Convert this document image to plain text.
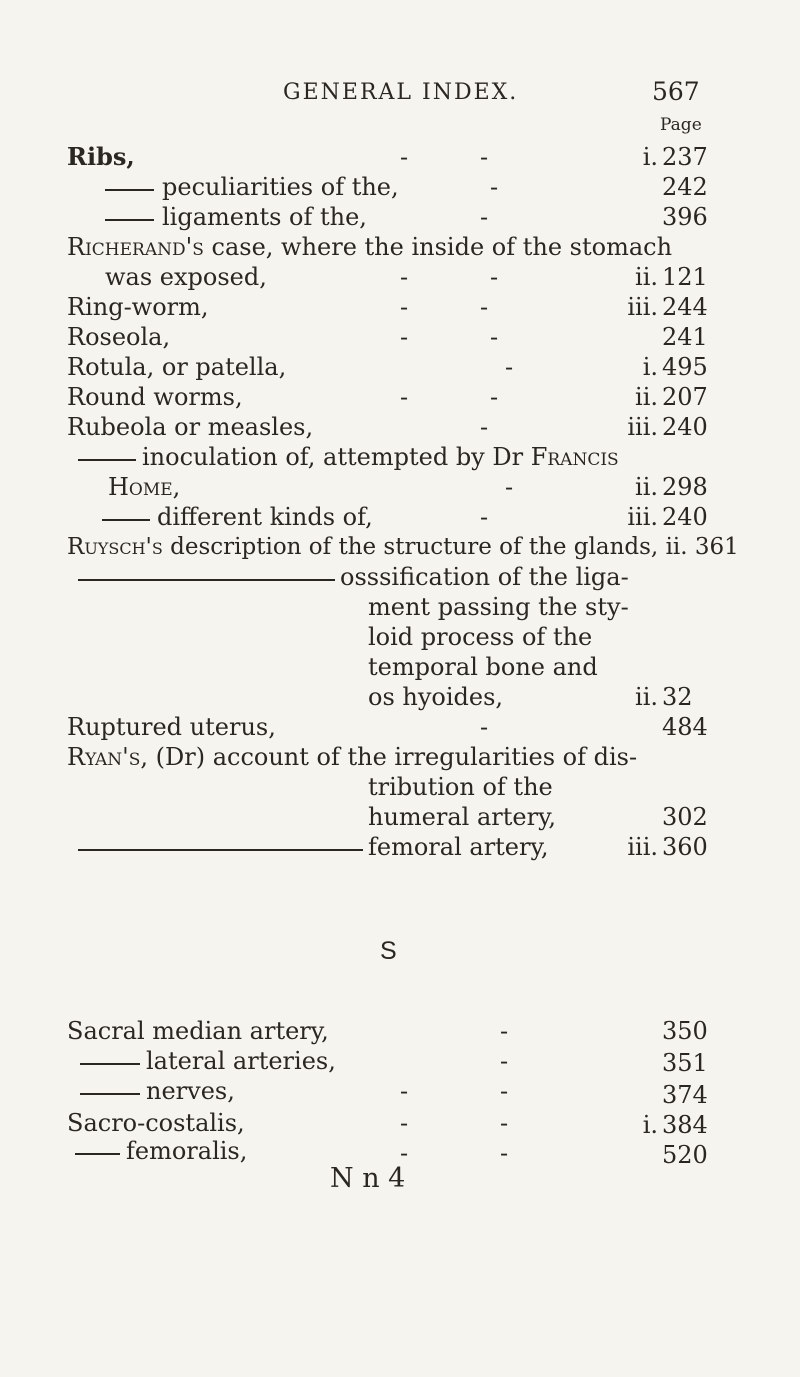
GENERAL INDEX.	567
Page
Ribs,	-	-	i. 237
peculiarities of the,	-	242
ligaments of the,	-	396
Richerand's case, where the inside of the stomach
was exposed,	-	-	ii. 121
Ring-worm,	-	-	iii. 244
Roseola,	-	-	241
Rotula, or patella,	-	i. 495
Round worms,	-	-	ii. 207
Rubeola or measles,	-	iii. 240
inoculation of, attempted by Dr Francis
Home,	-	ii. 298
different kinds of,	-	iii. 240
Ruysch's description of the structure of the glands, ii. 361
osssification of the liga-
ment passing the sty-
loid process of the
temporal bone and
os hyoides,	ii. 32
Ruptured uterus,	-	484
Ryan's, (Dr) account of the irregularities of dis-
tribution of the
humeral artery,	302
femoral artery,	iii. 360
S
Sacral median artery,	-	350
lateral arteries,	-	351
nerves,	-	-	374
Sacro-costalis,	-	-	i. 384
femoralis,	-	-	520
N n 4
